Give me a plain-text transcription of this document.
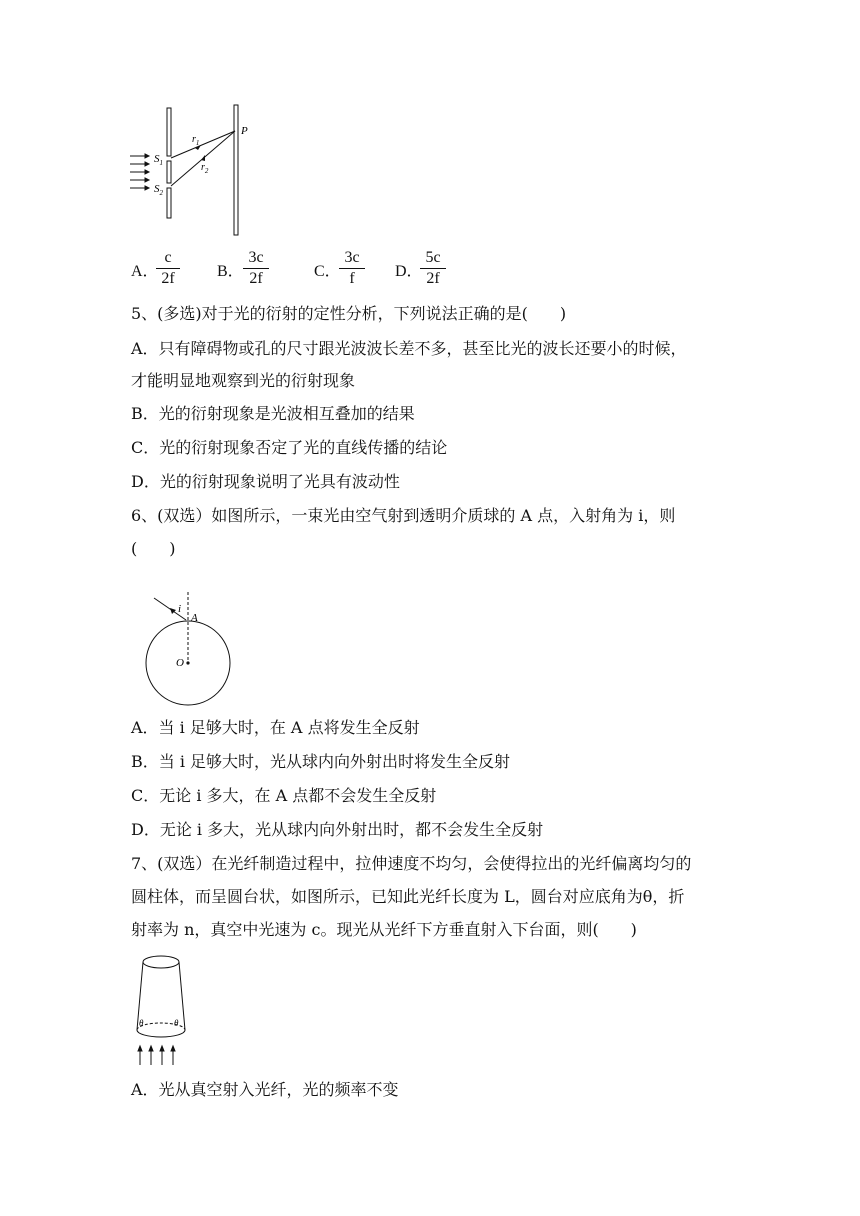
$S_1$
$S_2$
$r_1$
$r_2$
P
A．
c
2f	B．
3c
2f	C．
3c
f	D．
5c
2f
5、(多选)对于光的衍射的定性分析，下列说法正确的是(　　)
A．只有障碍物或孔的尺寸跟光波波长差不多，甚至比光的波长还要小的时候，
才能明显地观察到光的衍射现象
B．光的衍射现象是光波相互叠加的结果
C．光的衍射现象否定了光的直线传播的结论
D．光的衍射现象说明了光具有波动性
6、(双选）如图所示，一束光由空气射到透明介质球的 A 点，入射角为 i，则
(　　)
i
A
O
A．当 i 足够大时，在 A 点将发生全反射
B．当 i 足够大时，光从球内向外射出时将发生全反射
C．无论 i 多大，在 A 点都不会发生全反射
D．无论 i 多大，光从球内向外射出时，都不会发生全反射
7、(双选）在光纤制造过程中，拉伸速度不均匀，会使得拉出的光纤偏离均匀的
圆柱体，而呈圆台状，如图所示，已知此光纤长度为 L，圆台对应底角为θ，折
射率为 n，真空中光速为 c。现光从光纤下方垂直射入下台面，则(　　)
θ	θ
A．光从真空射入光纤，光的频率不变
